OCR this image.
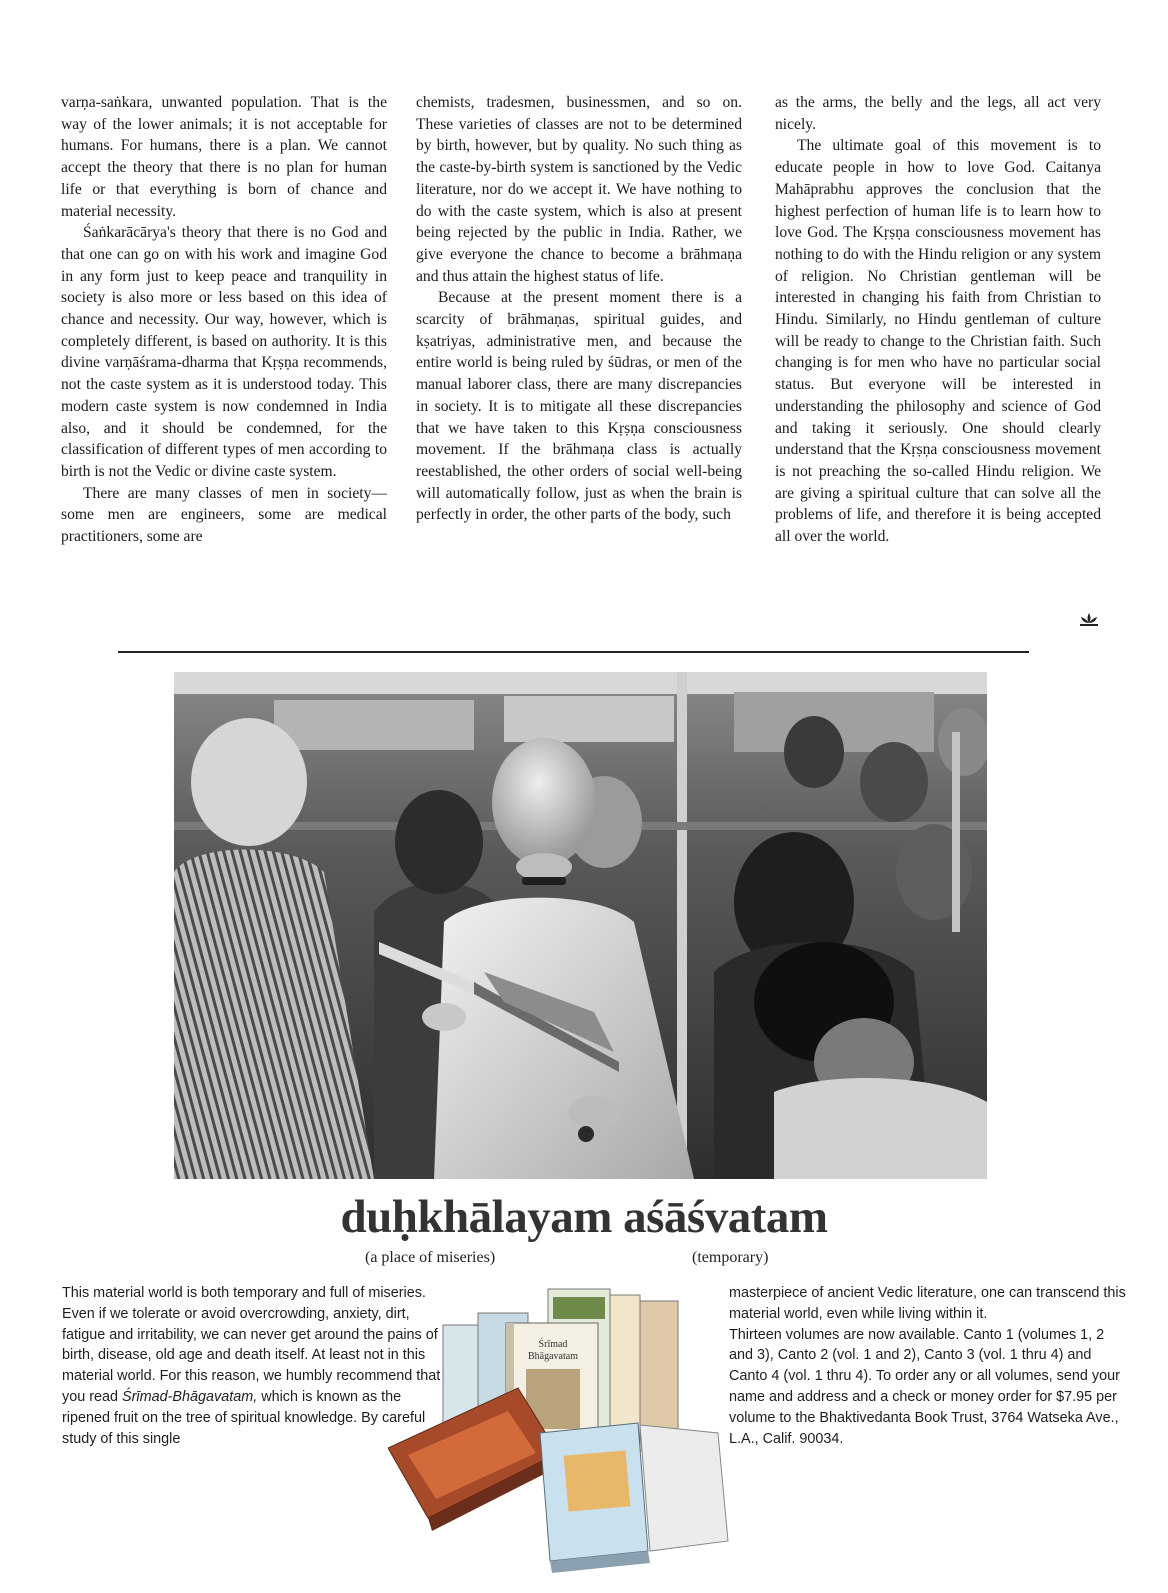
varṇa-saṅkara, unwanted population. That is the way of the lower animals; it is not acceptable for humans. For humans, there is a plan. We cannot accept the theory that there is no plan for human life or that everything is born of chance and material necessity.

Śaṅkarācārya's theory that there is no God and that one can go on with his work and imagine God in any form just to keep peace and tranquility in society is also more or less based on this idea of chance and necessity. Our way, however, which is completely different, is based on authority. It is this divine varṇāśrama-dharma that Kṛṣṇa recommends, not the caste system as it is understood today. This modern caste system is now condemned in India also, and it should be condemned, for the classification of different types of men according to birth is not the Vedic or divine caste system.

There are many classes of men in society—some men are engineers, some are medical practitioners, some are

chemists, tradesmen, businessmen, and so on. These varieties of classes are not to be determined by birth, however, but by quality. No such thing as the caste-by-birth system is sanctioned by the Vedic literature, nor do we accept it. We have nothing to do with the caste system, which is also at present being rejected by the public in India. Rather, we give everyone the chance to become a brāhmaṇa and thus attain the highest status of life.

Because at the present moment there is a scarcity of brāhmaṇas, spiritual guides, and kṣatriyas, administrative men, and because the entire world is being ruled by śūdras, or men of the manual laborer class, there are many discrepancies in society. It is to mitigate all these discrepancies that we have taken to this Kṛṣṇa consciousness movement. If the brāhmaṇa class is actually reestablished, the other orders of social well-being will automatically follow, just as when the brain is perfectly in order, the other parts of the body, such

as the arms, the belly and the legs, all act very nicely.

The ultimate goal of this movement is to educate people in how to love God. Caitanya Mahāprabhu approves the conclusion that the highest perfection of human life is to learn how to love God. The Kṛṣṇa consciousness movement has nothing to do with the Hindu religion or any system of religion. No Christian gentleman will be interested in changing his faith from Christian to Hindu. Similarly, no Hindu gentleman of culture will be ready to change to the Christian faith. Such changing is for men who have no particular social status. But everyone will be interested in understanding the philosophy and science of God and taking it seriously. One should clearly understand that the Kṛṣṇa consciousness movement is not preaching the so-called Hindu religion. We are giving a spiritual culture that can solve all the problems of life, and therefore it is being accepted all over the world.

duḥkhālayam aśāśvatam
(a place of miseries)	(temporary)
This material world is both temporary and full of miseries. Even if we tolerate or avoid overcrowding, anxiety, dirt, fatigue and irritability, we can never get around the pains of birth, disease, old age and death itself. At least not in this material world. For this reason, we humbly recommend that you read Śrīmad-Bhāgavatam, which is known as the ripened fruit on the tree of spiritual knowledge. By careful study of this single
Śrīmad
Bhāgavatam
masterpiece of ancient Vedic literature, one can transcend this material world, even while living within it.
Thirteen volumes are now available. Canto 1 (volumes 1, 2 and 3), Canto 2 (vol. 1 and 2), Canto 3 (vol. 1 thru 4) and Canto 4 (vol. 1 thru 4). To order any or all volumes, send your name and address and a check or money order for $7.95 per volume to the Bhaktivedanta Book Trust, 3764 Watseka Ave., L.A., Calif. 90034.
